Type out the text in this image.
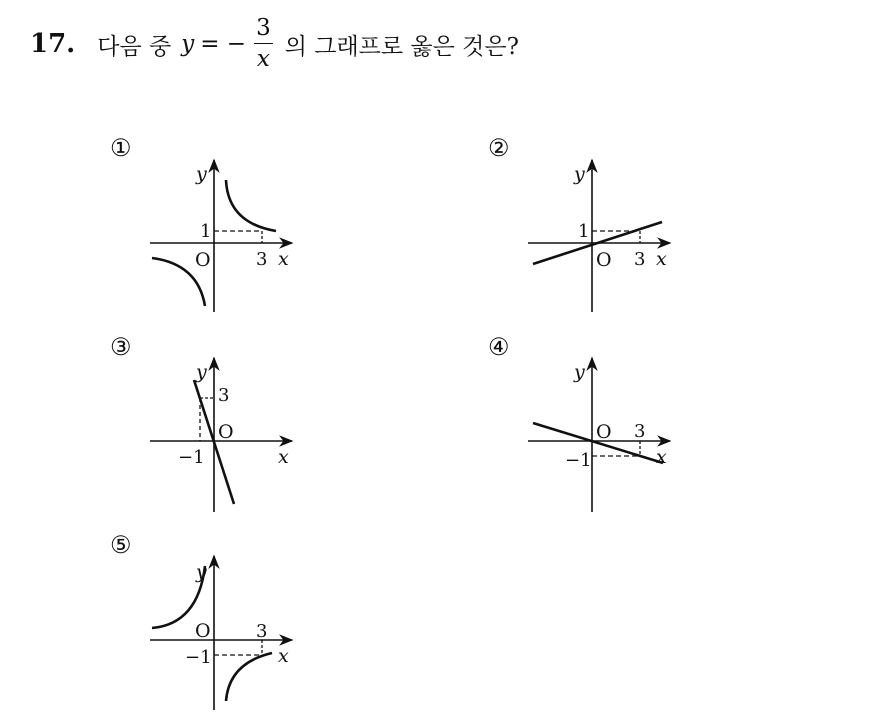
17. 다음 중 y = − $\frac{3}{x}$ 의 그래프로 옳은 것은?
①	②
③	④
⑤
y
x
O
1
3
y
x
O
1
3
y
x
O
3
−1
y
x
O 3
−1
y
x
O	3
−1
